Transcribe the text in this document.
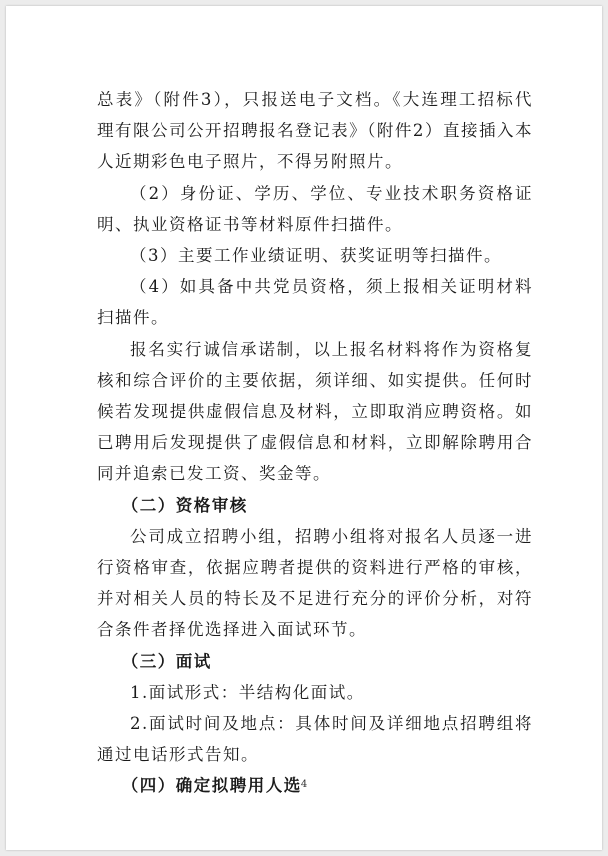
总表》（附件3），只报送电子文档。《大连理工招标代理有限公司公开招聘报名登记表》（附件2）直接插入本人近期彩色电子照片，不得另附照片。

（2）身份证、学历、学位、专业技术职务资格证明、执业资格证书等材料原件扫描件。

（3）主要工作业绩证明、获奖证明等扫描件。

（4）如具备中共党员资格，须上报相关证明材料扫描件。

报名实行诚信承诺制，以上报名材料将作为资格复核和综合评价的主要依据，须详细、如实提供。任何时候若发现提供虚假信息及材料，立即取消应聘资格。如已聘用后发现提供了虚假信息和材料，立即解除聘用合同并追索已发工资、奖金等。

（二）资格审核

公司成立招聘小组，招聘小组将对报名人员逐一进行资格审查，依据应聘者提供的资料进行严格的审核，并对相关人员的特长及不足进行充分的评价分析，对符合条件者择优选择进入面试环节。

（三）面试

1.面试形式：半结构化面试。

2.面试时间及地点：具体时间及详细地点招聘组将通过电话形式告知。

（四）确定拟聘用人选 4
